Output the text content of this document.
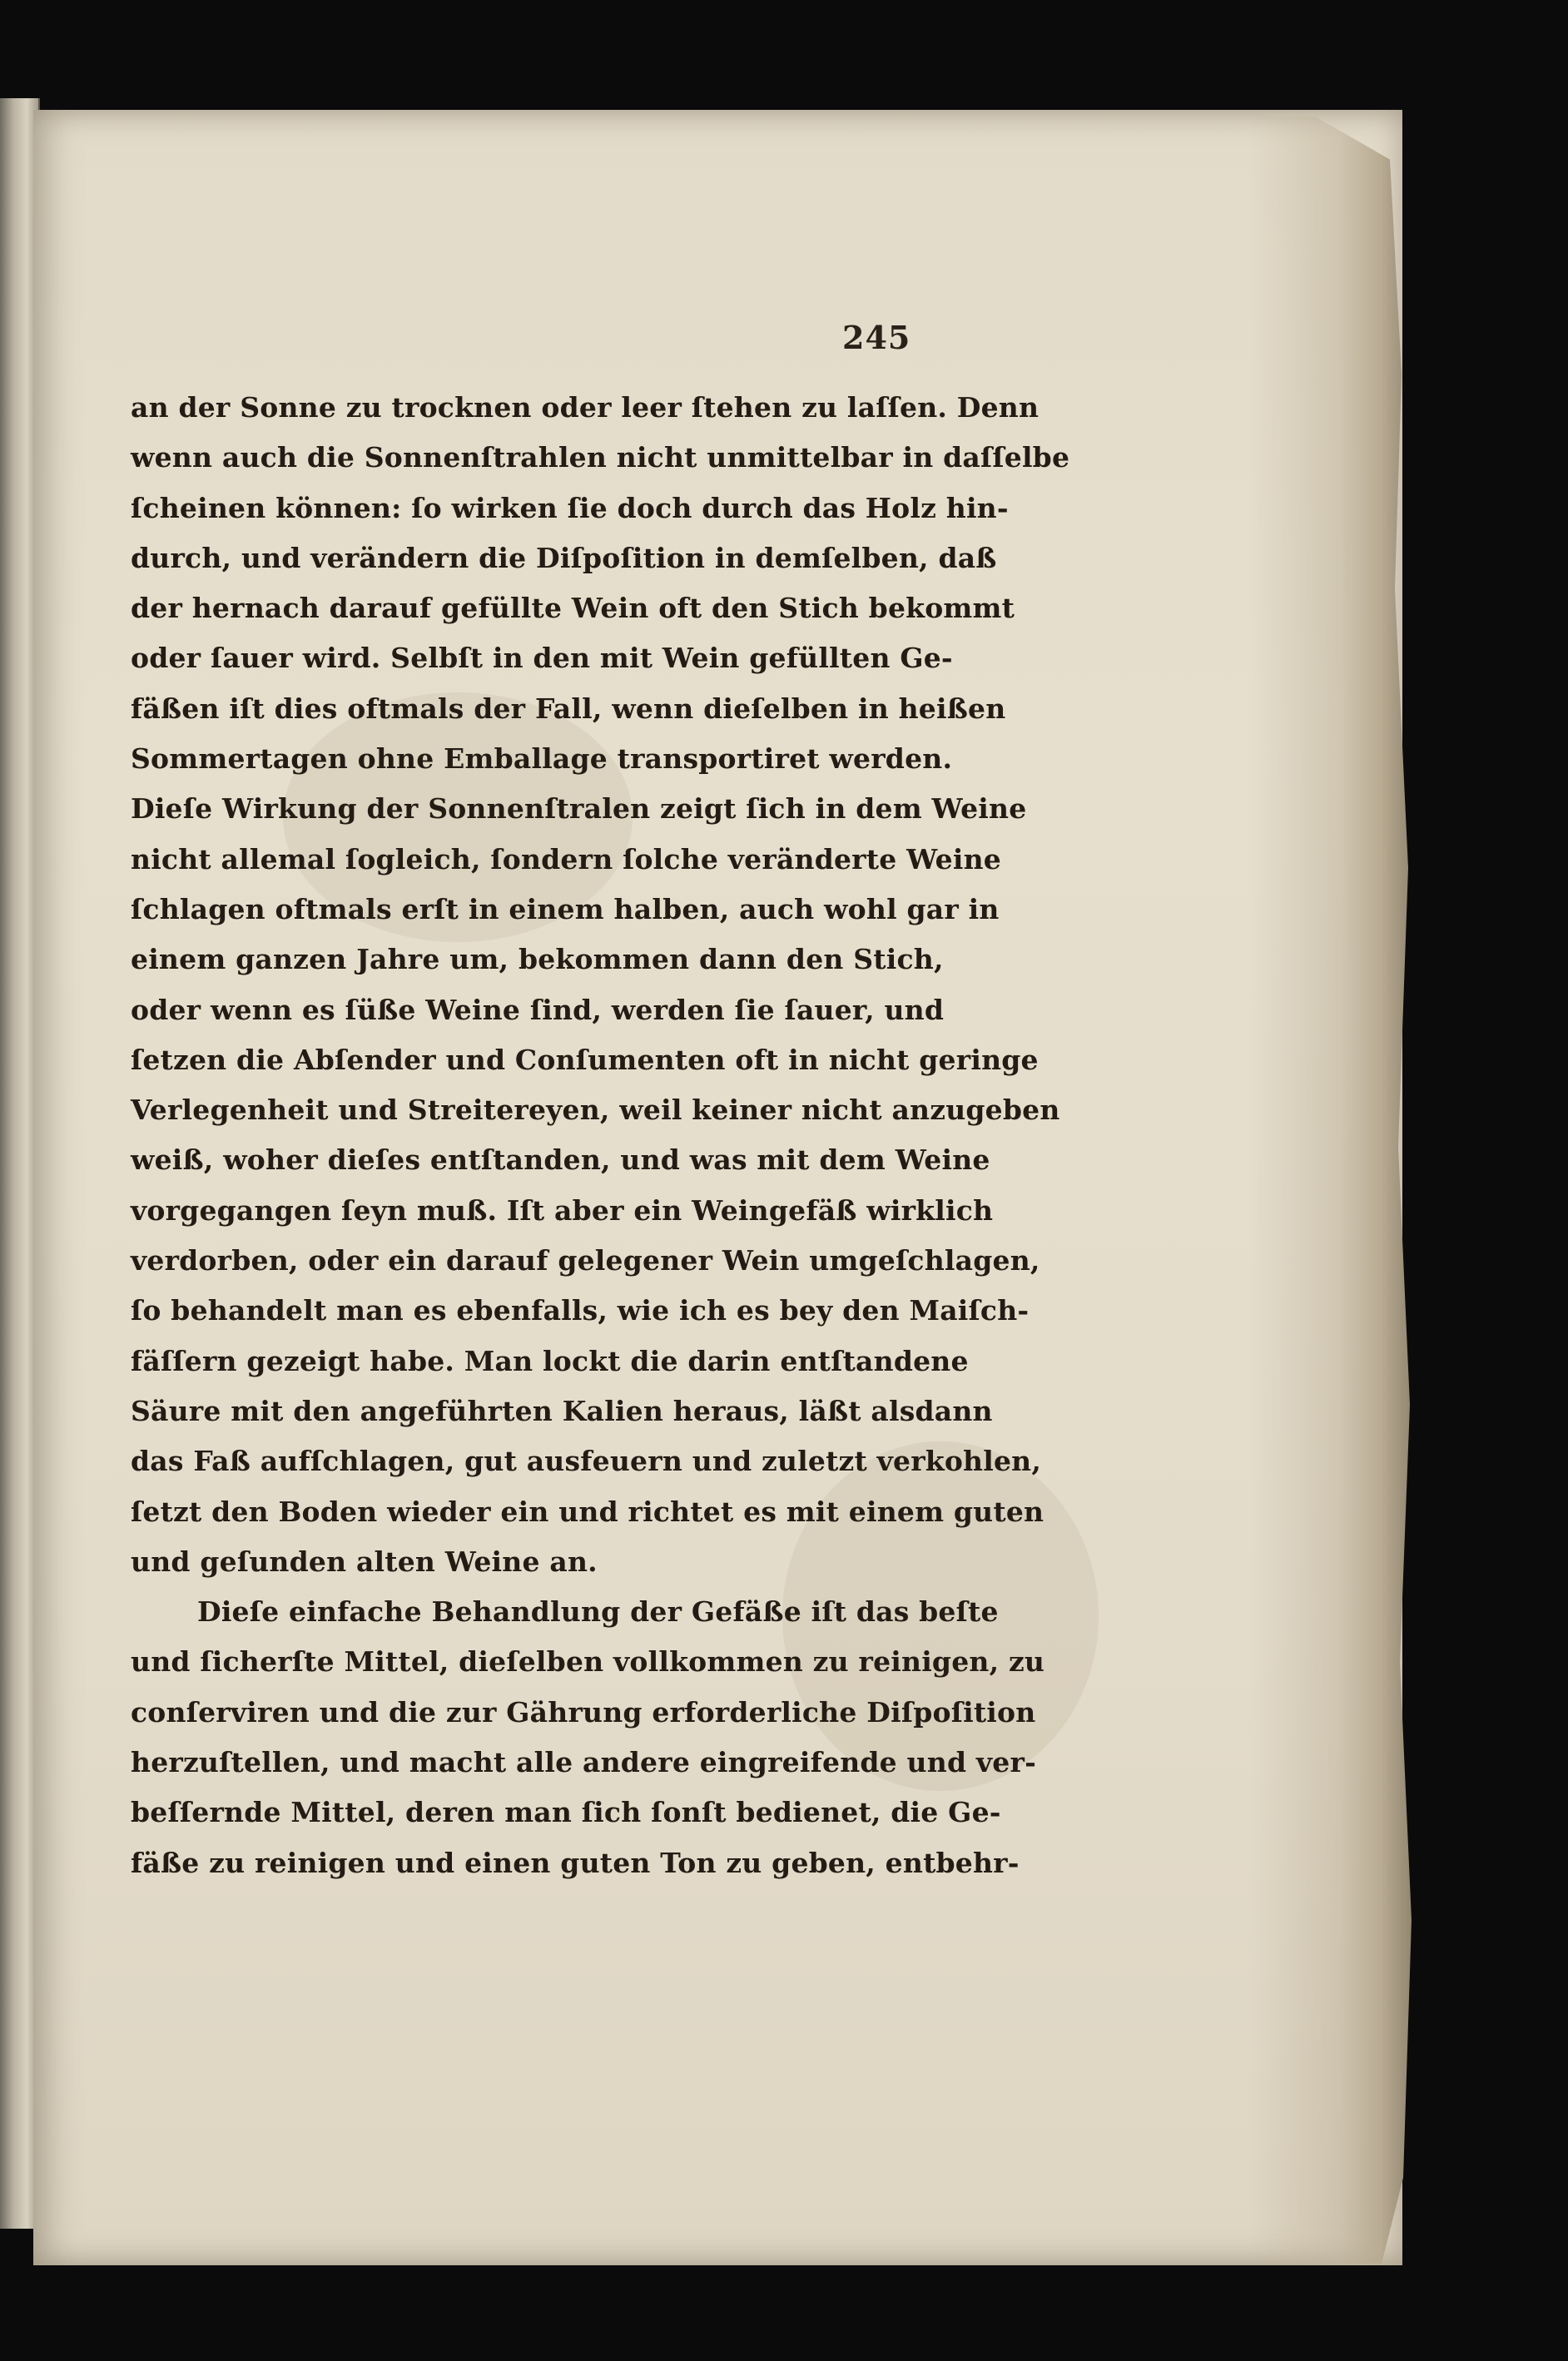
245
an der Sonne zu trocknen oder leer ſtehen zu laſſen. Denn
wenn auch die Sonnenſtrahlen nicht unmittelbar in daſſelbe
ſcheinen können: ſo wirken ſie doch durch das Holz hin-
durch, und verändern die Diſpoſition in demſelben, daß
der hernach darauf gefüllte Wein oft den Stich bekommt
oder ſauer wird. Selbſt in den mit Wein gefüllten Ge-
fäßen iſt dies oftmals der Fall, wenn dieſelben in heißen
Sommertagen ohne Emballage transportiret werden.
Dieſe Wirkung der Sonnenſtralen zeigt ſich in dem Weine
nicht allemal ſogleich, ſondern ſolche veränderte Weine
ſchlagen oftmals erſt in einem halben, auch wohl gar in
einem ganzen Jahre um, bekommen dann den Stich,
oder wenn es ſüße Weine ſind, werden ſie ſauer, und
ſetzen die Abſender und Conſumenten oft in nicht geringe
Verlegenheit und Streitereyen, weil keiner nicht anzugeben
weiß, woher dieſes entſtanden, und was mit dem Weine
vorgegangen ſeyn muß. Iſt aber ein Weingefäß wirklich
verdorben, oder ein darauf gelegener Wein umgeſchlagen,
ſo behandelt man es ebenfalls, wie ich es bey den Maiſch-
fäſſern gezeigt habe. Man lockt die darin entſtandene
Säure mit den angeführten Kalien heraus, läßt alsdann
das Faß aufſchlagen, gut ausfeuern und zuletzt verkohlen,
ſetzt den Boden wieder ein und richtet es mit einem guten
und geſunden alten Weine an.
Dieſe einfache Behandlung der Gefäße iſt das beſte
und ſicherſte Mittel, dieſelben vollkommen zu reinigen, zu
conſerviren und die zur Gährung erforderliche Diſpoſition
herzuſtellen, und macht alle andere eingreifende und ver-
beſſernde Mittel, deren man ſich ſonſt bedienet, die Ge-
fäße zu reinigen und einen guten Ton zu geben, entbehr-
